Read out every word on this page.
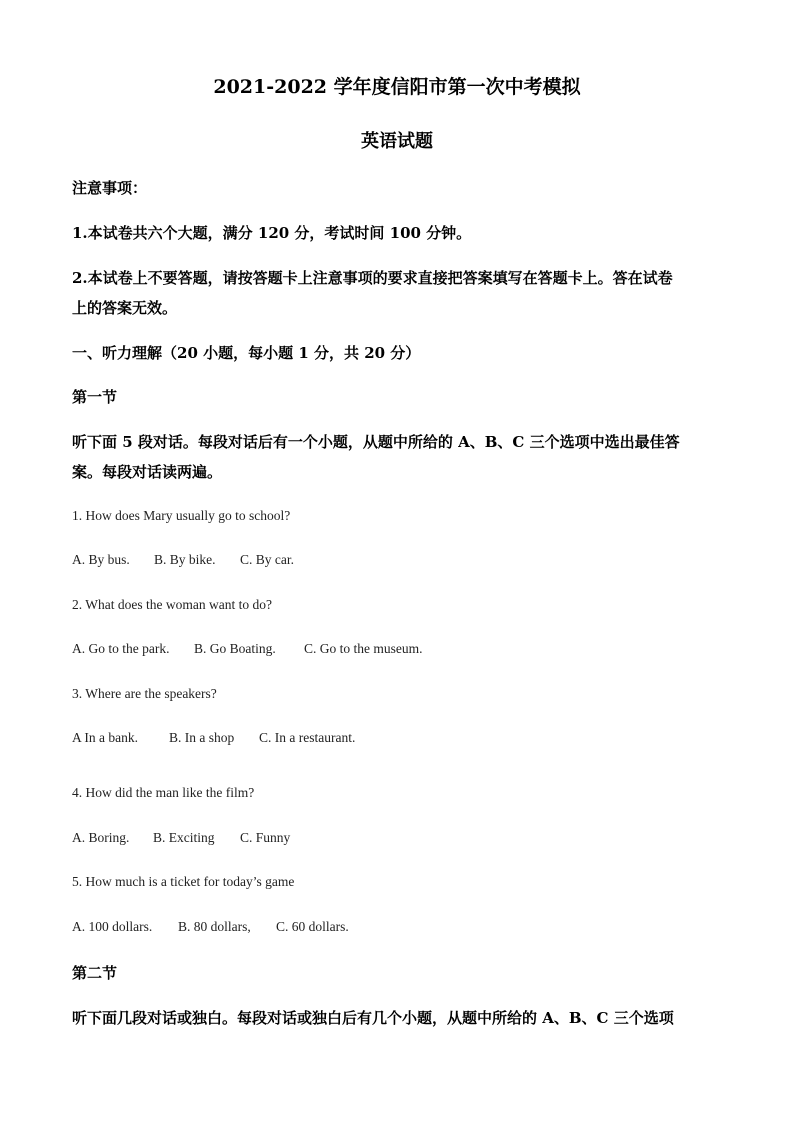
2021-2022 学年度信阳市第一次中考模拟
英语试题
注意事项：
1.本试卷共六个大题，满分 120 分，考试时间 100 分钟。
2.本试卷上不要答题，请按答题卡上注意事项的要求直接把答案填写在答题卡上。答在试卷
上的答案无效。
一、听力理解（20 小题，每小题 1 分，共 20 分）
第一节
听下面 5 段对话。每段对话后有一个小题，从题中所给的 A、B、C 三个选项中选出最佳答
案。每段对话读两遍。
1. How does Mary usually go to school?
A. By bus. B. By bike. C. By car.
2. What does the woman want to do?
A. Go to the park. B. Go Boating. C. Go to the museum.
3. Where are the speakers?
A In a bank. B. In a shop C. In a restaurant.
4. How did the man like the film?
A. Boring. B. Exciting C. Funny
5. How much is a ticket for today’s game
A. 100 dollars. B. 80 dollars, C. 60 dollars.
第二节
听下面几段对话或独白。每段对话或独白后有几个小题，从题中所给的 A、B、C 三个选项
